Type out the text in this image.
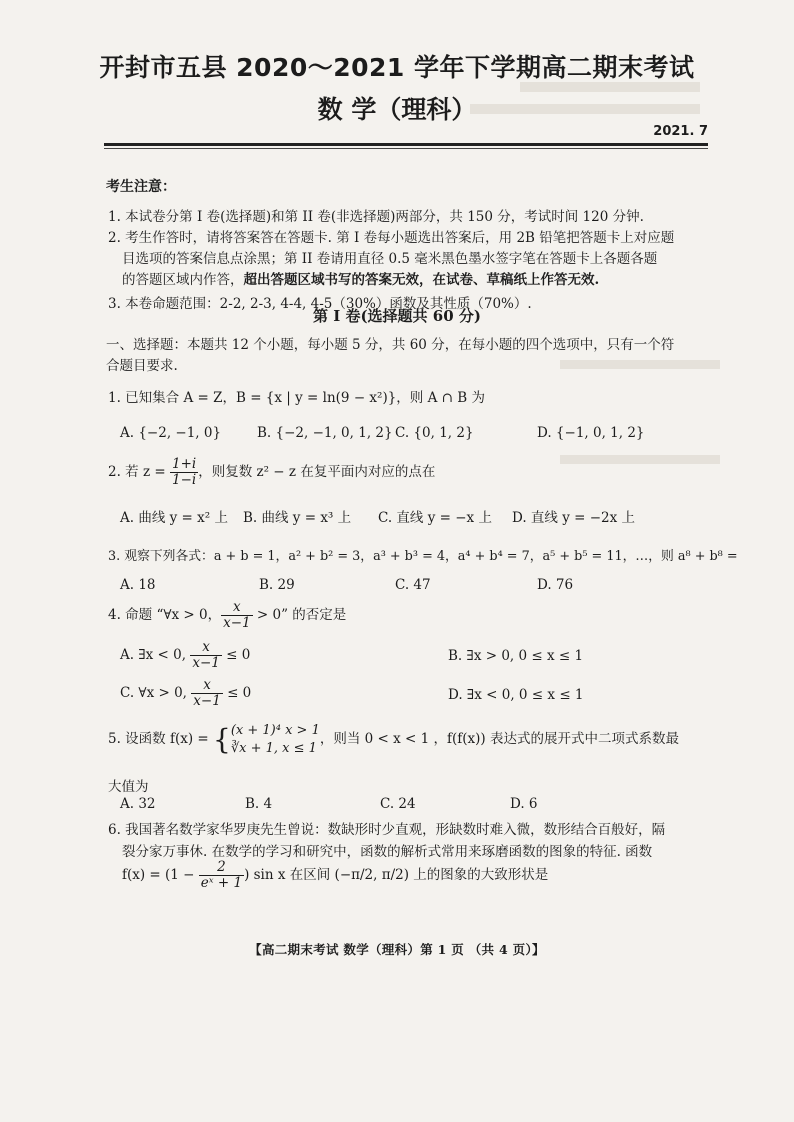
开封市五县 2020～2021 学年下学期高二期末考试
数 学（理科）
2021. 7
考生注意：
1. 本试卷分第 I 卷(选择题)和第 II 卷(非选择题)两部分，共 150 分，考试时间 120 分钟.
2. 考生作答时，请将答案答在答题卡. 第 I 卷每小题选出答案后，用 2B 铅笔把答题卡上对应题
目选项的答案信息点涂黑；第 II 卷请用直径 0.5 毫米黑色墨水签字笔在答题卡上各题各题
的答题区域内作答，超出答题区域书写的答案无效，在试卷、草稿纸上作答无效.
3. 本卷命题范围：2-2, 2-3, 4-4, 4-5（30%）函数及其性质（70%）.
第 I 卷(选择题共 60 分)
一、选择题：本题共 12 个小题，每小题 5 分，共 60 分，在每小题的四个选项中，只有一个符
合题目要求.
1. 已知集合 A = Z，B = {x | y = ln(9 − x²)}，则 A ∩ B 为
A. {−2, −1, 0}	B. {−2, −1, 0, 1, 2} C. {0, 1, 2}	D. {−1, 0, 1, 2}
2. 若 $z = \frac{1+i}{1-i}$ ，则复数 z² − z 在复平面内对应的点在
A. 曲线 y = x² 上 B. 曲线 y = x³ 上 C. 直线 y = −x 上 D. 直线 y = −2x 上
3. 观察下列各式：a + b = 1，a² + b² = 3，a³ + b³ = 4，a⁴ + b⁴ = 7，a⁵ + b⁵ = 11，…，则 a⁸ + b⁸ =
A. 18	B. 29	C. 47	D. 76
4. 命题 “∀x > 0， $\frac{x}{x-1} > 0$” 的否定是
A. ∃x < 0, $\frac{x}{x-1} \le 0$	B. ∃x > 0, 0 ≤ x ≤ 1
C. ∀x > 0, $\frac{x}{x-1} \le 0$	D. ∃x < 0, 0 ≤ x ≤ 1
5. 设函数 f(x) = { (x + 1)⁴ x > 1
∛x + 1, x ≤ 1
，则当 0 < x < 1 ，f(f(x)) 表达式的展开式中二项式系数最
大值为
A. 32	B. 4	C. 24	D. 6
6. 我国著名数学家华罗庚先生曾说：数缺形时少直观，形缺数时难入微，数形结合百般好，隔
裂分家万事休. 在数学的学习和研究中，函数的解析式常用来琢磨函数的图象的特征. 函数
$f(x) = (1 - \frac{2}{\text{eˣ + 1}}$ ) sin x 在区间 (−π/2, π/2) 上的图象的大致形状是
【高二期末考试 数学（理科）第 1 页 （共 4 页）】
